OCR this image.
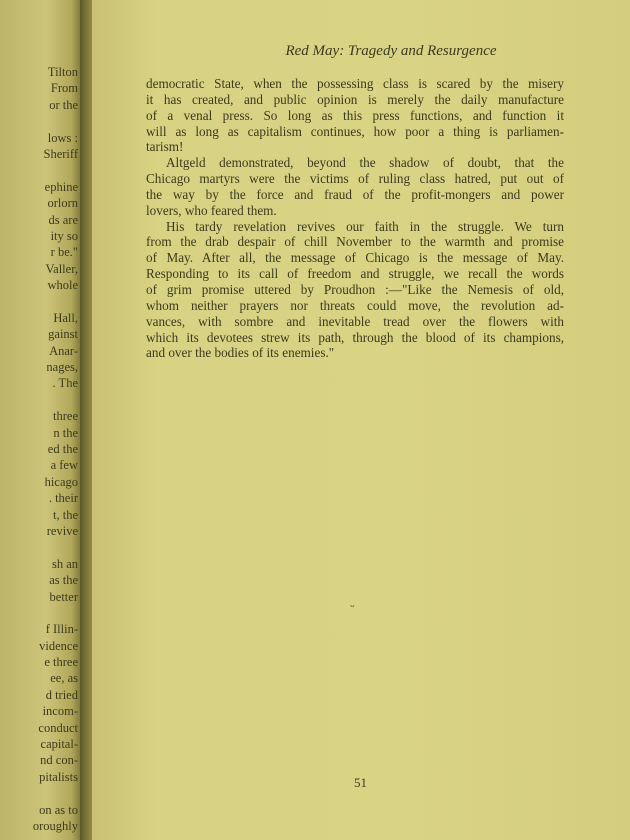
Tilton
From
or the

lows :
Sheriff

ephine
orlorn
ds are
ity so
r be."
Valler,
whole

Hall,
gainst
Anar-
nages,
. The

three
n the
ed the
a few
hicago
. their
t, the
revive

sh an
as the
better

f Illin-
vidence
e three
ee, as
d tried
incom-
conduct
capital-
nd con-
pitalists

on as to
oroughly
Red May: Tragedy and Resurgence

democratic State, when the possessing class is scared by the misery
it has created, and public opinion is merely the daily manufacture
of a venal press. So long as this press functions, and function it
will as long as capitalism continues, how poor a thing is parliamen-
tarism!

Altgeld demonstrated, beyond the shadow of doubt, that the
Chicago martyrs were the victims of ruling class hatred, put out of
the way by the force and fraud of the profit-mongers and power
lovers, who feared them.

His tardy revelation revives our faith in the struggle. We turn
from the drab despair of chill November to the warmth and promise
of May. After all, the message of Chicago is the message of May.
Responding to its call of freedom and struggle, we recall the words
of grim promise uttered by Proudhon :—"Like the Nemesis of old,
whom neither prayers nor threats could move, the revolution ad-
vances, with sombre and inevitable tread over the flowers with
which its devotees strew its path, through the blood of its champions,
and over the bodies of its enemies."

ᵕ
51
